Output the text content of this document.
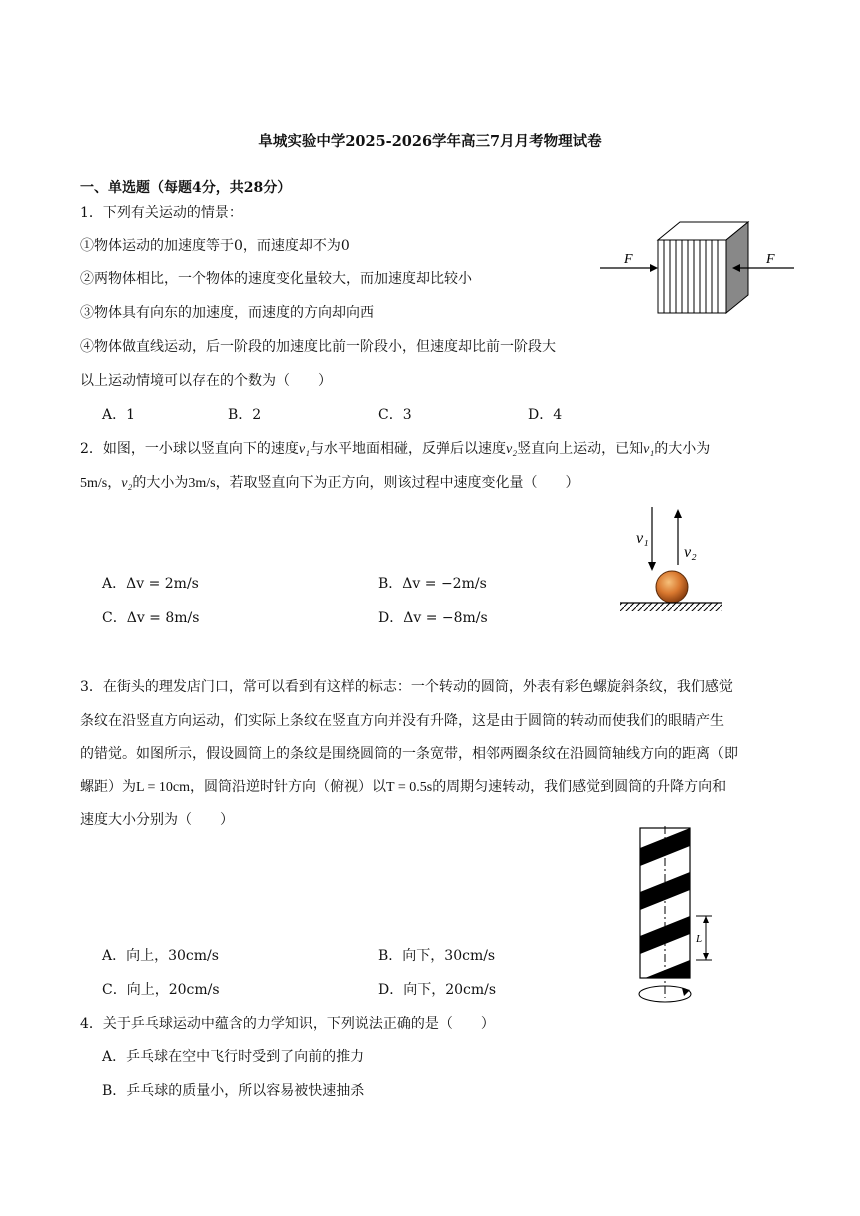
阜城实验中学2025-2026学年高三7月月考物理试卷
一、单选题（每题4分，共28分）
1．下列有关运动的情景：
①物体运动的加速度等于0，而速度却不为0
②两物体相比，一个物体的速度变化量较大，而加速度却比较小
③物体具有向东的加速度，而速度的方向却向西
④物体做直线运动，后一阶段的加速度比前一阶段小，但速度却比前一阶段大
以上运动情境可以存在的个数为（　　）
A．1	B．2	C．3	D．4
F	F
2．如图，一小球以竖直向下的速度v₁与水平地面相碰，反弹后以速度v₂竖直向上运动，已知v₁的大小为
5m/s，v₂的大小为3m/s，若取竖直向下为正方向，则该过程中速度变化量（　　）
A．Δv = 2m/s	B．Δv = −2m/s
C．Δv = 8m/s	D．Δv = −8m/s
v₁
v₂
3．在街头的理发店门口，常可以看到有这样的标志：一个转动的圆筒，外表有彩色螺旋斜条纹，我们感觉
条纹在沿竖直方向运动，们实际上条纹在竖直方向并没有升降，这是由于圆筒的转动而使我们的眼睛产生
的错觉。如图所示，假设圆筒上的条纹是围绕圆筒的一条宽带，相邻两圈条纹在沿圆筒轴线方向的距离（即
螺距）为L = 10cm，圆筒沿逆时针方向（俯视）以T = 0.5s的周期匀速转动，我们感觉到圆筒的升降方向和
速度大小分别为（　　）
A．向上，30cm/s	B．向下，30cm/s
C．向上，20cm/s	D．向下，20cm/s
L
4．关于乒乓球运动中蕴含的力学知识，下列说法正确的是（　　）
A．乒乓球在空中飞行时受到了向前的推力
B．乒乓球的质量小，所以容易被快速抽杀
